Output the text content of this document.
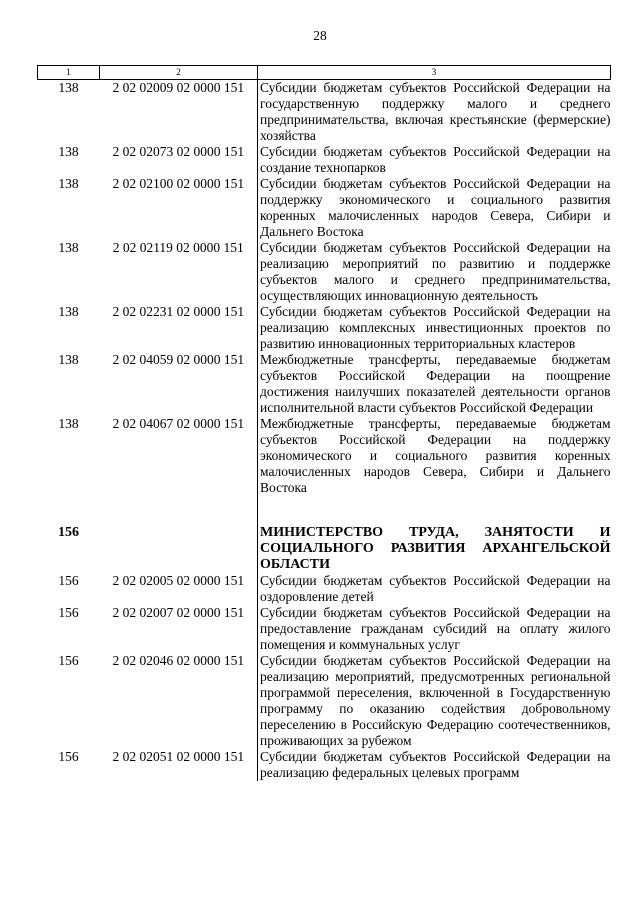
28
1	2	3
138	2 02 02009 02 0000 151	Субсидии бюджетам субъектов Российской Федерации на государственную поддержку малого и среднего предпринимательства, включая крестьянские (фермерские) хозяйства
138	2 02 02073 02 0000 151	Субсидии бюджетам субъектов Российской Федерации на создание технопарков
138	2 02 02100 02 0000 151	Субсидии бюджетам субъектов Российской Федерации на поддержку экономического и социального развития коренных малочисленных народов Севера, Сибири и Дальнего Востока
138	2 02 02119 02 0000 151	Субсидии бюджетам субъектов Российской Федерации на реализацию мероприятий по развитию и поддержке субъектов малого и среднего предпринимательства, осуществляющих инновационную деятельность
138	2 02 02231 02 0000 151	Субсидии бюджетам субъектов Российской Федерации на реализацию комплексных инвестиционных проектов по развитию инновационных территориальных кластеров
138	2 02 04059 02 0000 151	Межбюджетные трансферты, передаваемые бюджетам субъектов Российской Федерации на поощрение достижения наилучших показателей деятельности органов исполнительной власти субъектов Российской Федерации
138	2 02 04067 02 0000 151	Межбюджетные трансферты, передаваемые бюджетам субъектов Российской Федерации на поддержку экономического и социального развития коренных малочисленных народов Севера, Сибири и Дальнего Востока
156		МИНИСТЕРСТВО ТРУДА, ЗАНЯТОСТИ И СОЦИАЛЬНОГО РАЗВИТИЯ АРХАНГЕЛЬСКОЙ ОБЛАСТИ
156	2 02 02005 02 0000 151	Субсидии бюджетам субъектов Российской Федерации на оздоровление детей
156	2 02 02007 02 0000 151	Субсидии бюджетам субъектов Российской Федерации на предоставление гражданам субсидий на оплату жилого помещения и коммунальных услуг
156	2 02 02046 02 0000 151	Субсидии бюджетам субъектов Российской Федерации на реализацию мероприятий, предусмотренных региональной программой переселения, включенной в Государственную программу по оказанию содействия добровольному переселению в Российскую Федерацию соотечественников, проживающих за рубежом
156	2 02 02051 02 0000 151	Субсидии бюджетам субъектов Российской Федерации на реализацию федеральных целевых программ
